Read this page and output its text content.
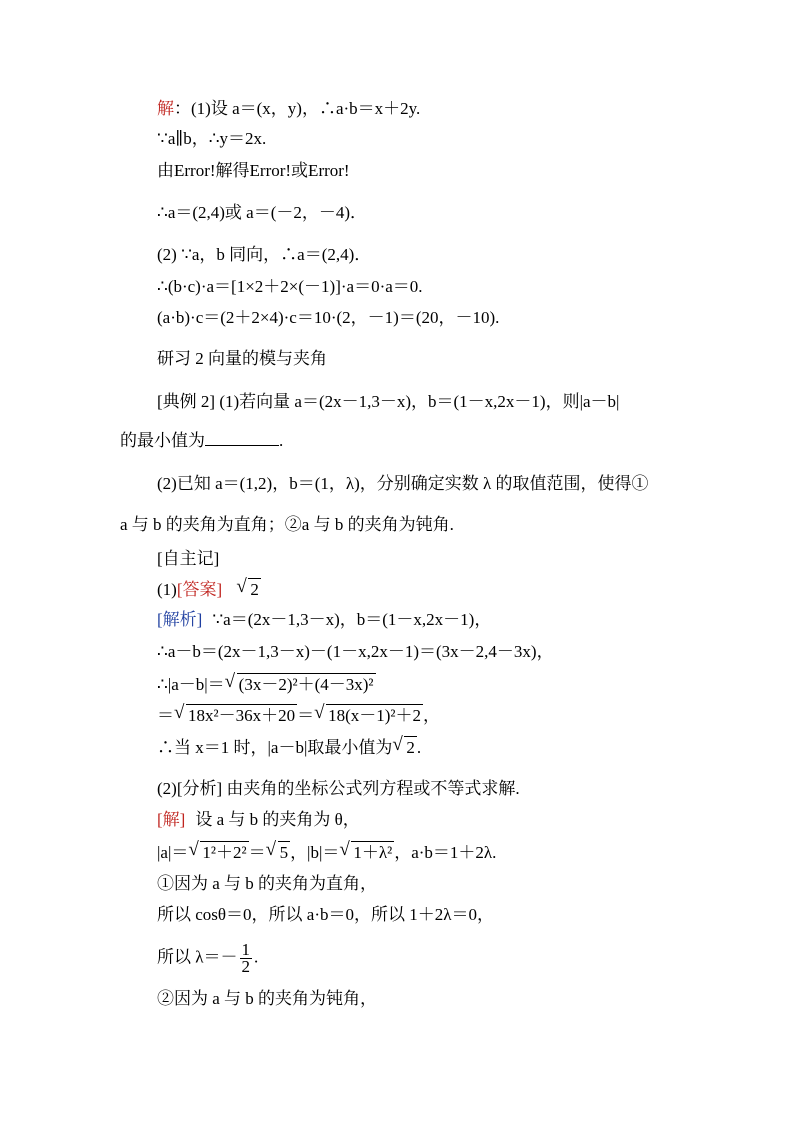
解：(1)设 a＝(x，y)，∴a·b＝x＋2y.
∵a∥b，∴y＝2x.
由Error!解得Error!或Error!
∴a＝(2,4)或 a＝(－2，－4)．
(2) ∵a，b 同向，∴a＝(2,4)．
∴(b·c)·a＝[1×2＋2×(－1)]·a＝0·a＝0.
(a·b)·c＝(2＋2×4)·c＝10·(2，－1)＝(20，－10).
研习 2 向量的模与夹角
[典例 2] (1)若向量 a＝(2x－1,3－x)，b＝(1－x,2x－1)，则|a－b|
的最小值为	.
(2)已知 a＝(1,2)，b＝(1，λ)，分别确定实数 λ 的取值范围，使得①
a 与 b 的夹角为直角；②a 与 b 的夹角为钝角.
[自主记]
(1)[答案] √ 2
[解析] ∵a＝(2x－1,3－x)，b＝(1－x,2x－1)，
∴a－b＝(2x－1,3－x)－(1－x,2x－1)＝(3x－2,4－3x)，
∴|a－b|＝ √ (3x－2)²＋(4－3x)²
＝ √ 18x²－36x＋20 ＝ √ 18(x－1)²＋2 ，
∴当 x＝1 时，|a－b|取最小值为 √ 2 .
(2)[分析] 由夹角的坐标公式列方程或不等式求解.
[解] 设 a 与 b 的夹角为 θ，
|a|＝ √ 1²＋2² ＝ √ 5 ，|b|＝ √ 1＋λ² ，a·b＝1＋2λ.
①因为 a 与 b 的夹角为直角，
所以 cosθ＝0，所以 a·b＝0，所以 1＋2λ＝0，
所以 $\lambda=- \frac{1}{2}$ .
②因为 a 与 b 的夹角为钝角，
